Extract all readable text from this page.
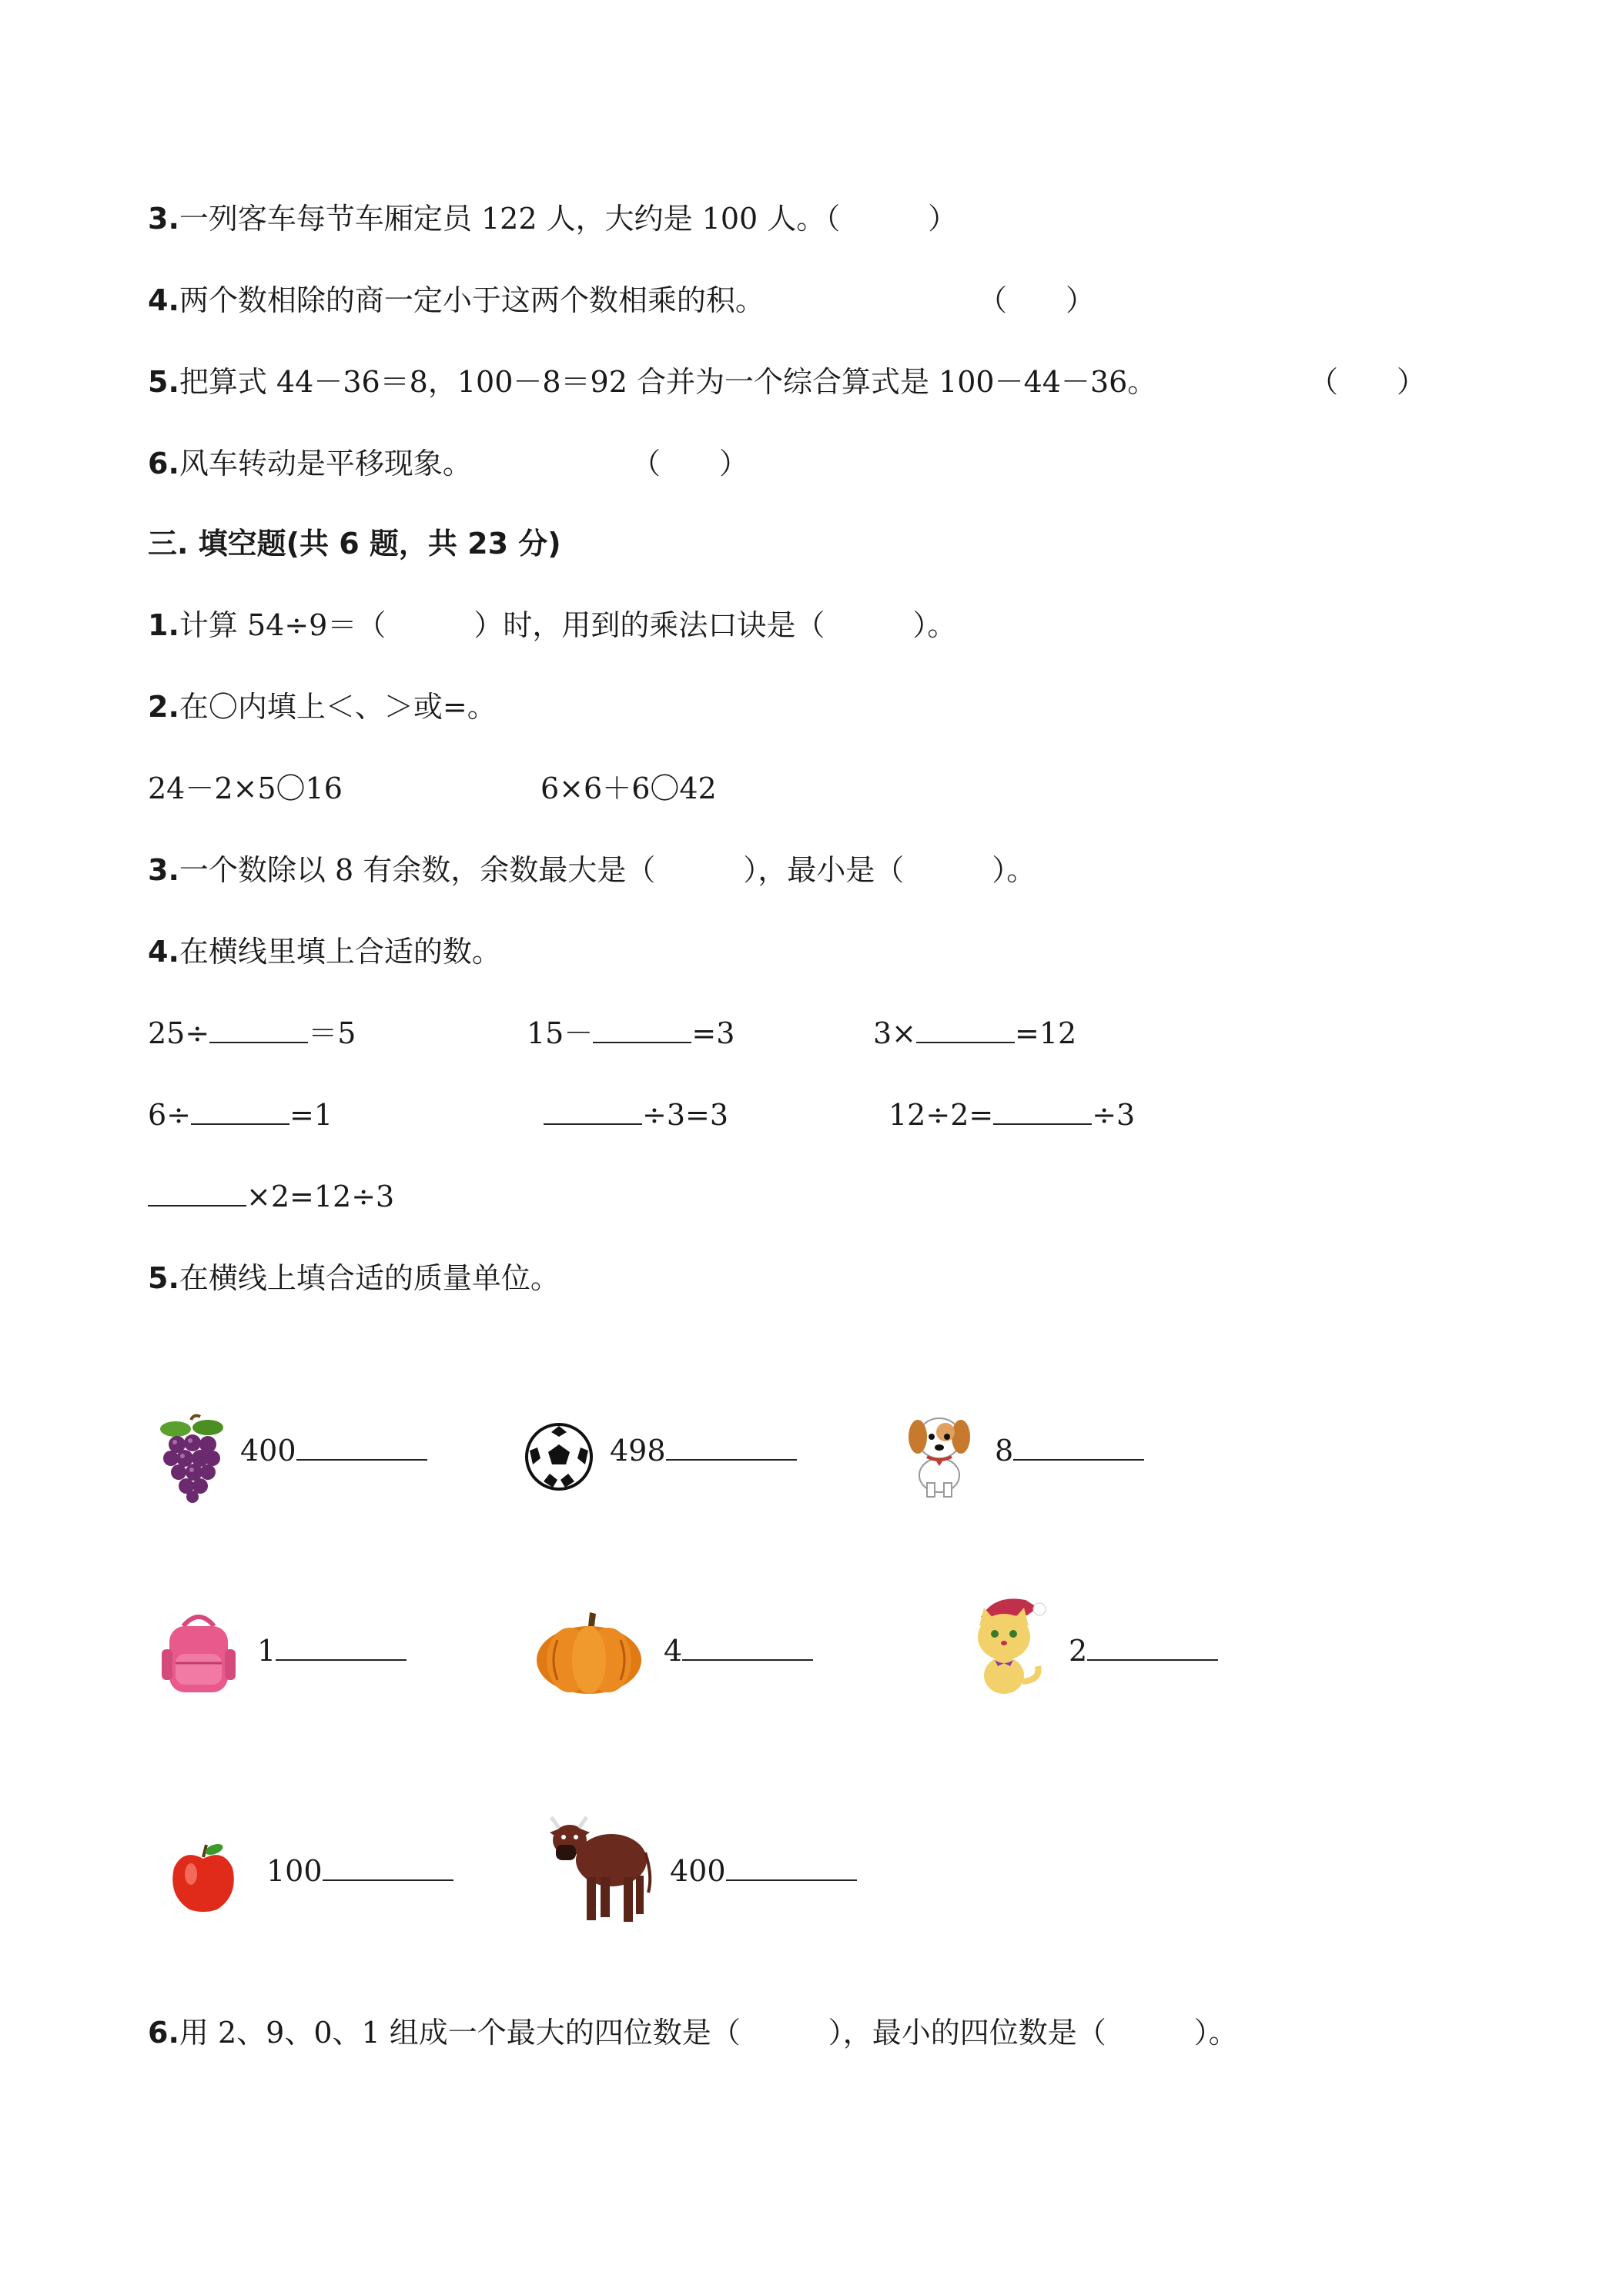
3.一列客车每节车厢定员 122 人，大约是 100 人。（　　　）
4.两个数相除的商一定小于这两个数相乘的积。	（　　）
5.把算式 44－36＝8，100－8＝92 合并为一个综合算式是 100－44－36。	（　　）
6.风车转动是平移现象。	（　　）
三. 填空题(共 6 题，共 23 分)
1.计算 54÷9＝（　　　）时，用到的乘法口诀是（　　　）。
2.在〇内填上＜、＞或=。
24－2×5〇16	6×6＋6〇42
3.一个数除以 8 有余数，余数最大是（　　　），最小是（　　　）。
4.在横线里填上合适的数。
25÷	＝5	15－	=3	3×	=12
6÷	=1	÷3=3	12÷2=	÷3
×2=12÷3
5.在横线上填合适的质量单位。
400	498	8
1	4	2
100	400
6.用 2、9、0、1 组成一个最大的四位数是（　　　），最小的四位数是（　　　）。
